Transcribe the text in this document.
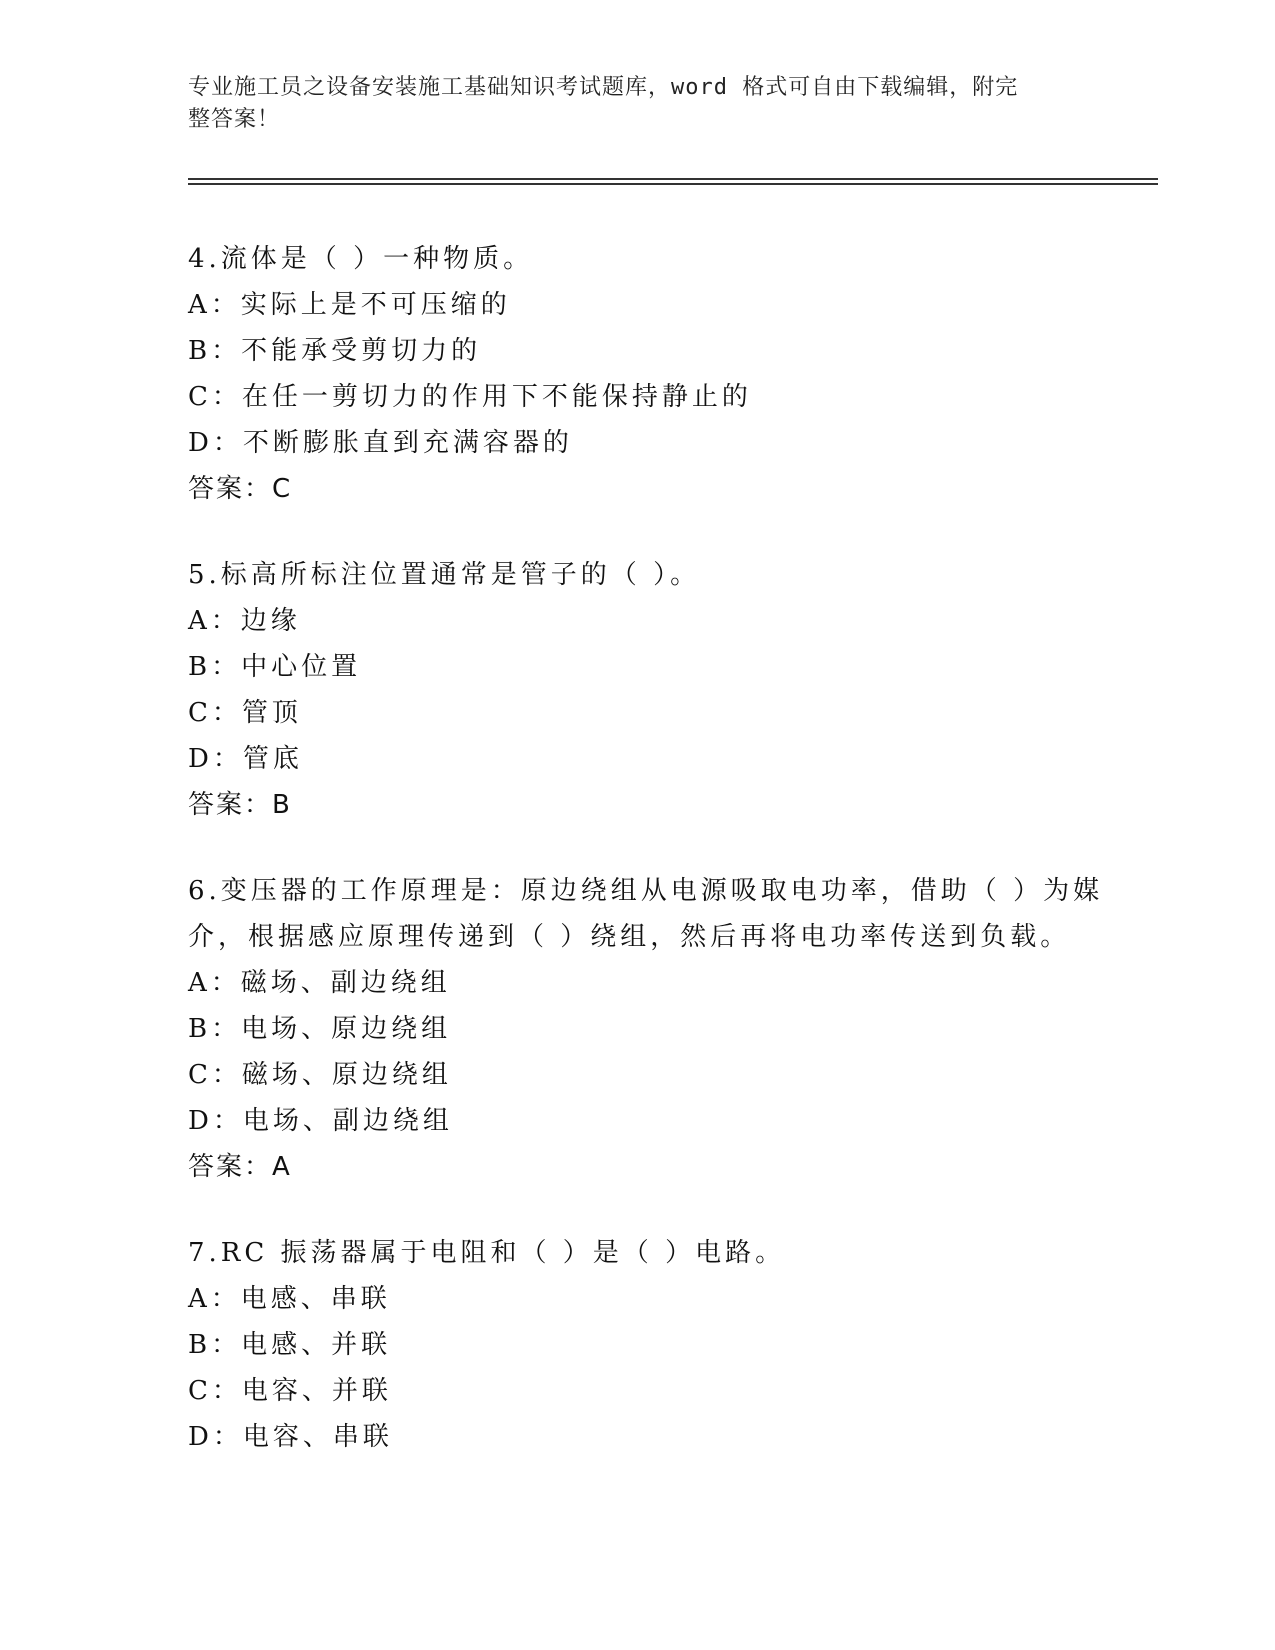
专业施工员之设备安装施工基础知识考试题库，word 格式可自由下载编辑，附完
整答案！
4.流体是（ ）一种物质。
A：实际上是不可压缩的
B：不能承受剪切力的
C：在任一剪切力的作用下不能保持静止的
D：不断膨胀直到充满容器的
答案：C
5.标高所标注位置通常是管子的（ ）。
A：边缘
B：中心位置
C：管顶
D：管底
答案：B
6.变压器的工作原理是：原边绕组从电源吸取电功率，借助（ ）为媒
介，根据感应原理传递到（ ）绕组，然后再将电功率传送到负载。
A：磁场、副边绕组
B：电场、原边绕组
C：磁场、原边绕组
D：电场、副边绕组
答案：A
7.RC 振荡器属于电阻和（ ）是（ ）电路。
A：电感、串联
B：电感、并联
C：电容、并联
D：电容、串联
